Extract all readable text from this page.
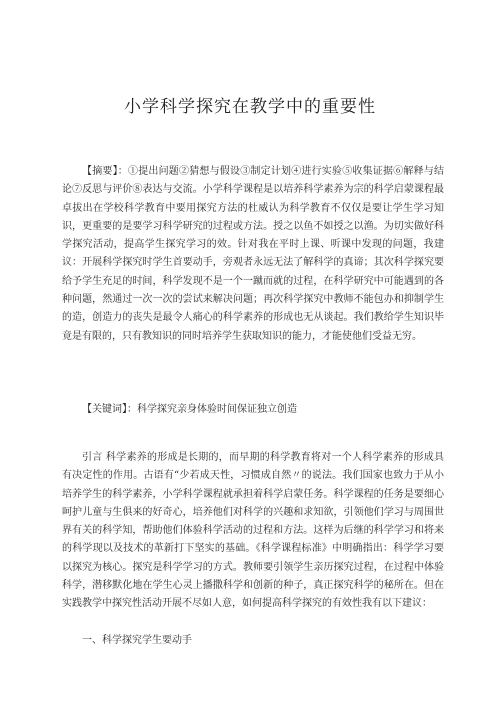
小学科学探究在教学中的重要性

【摘要】：①提出问题②猜想与假设③制定计划④进行实验⑤收集证据⑥解释与结论⑦反思与评价⑧表达与交流。小学科学课程是以培养科学素养为宗的科学启蒙课程最卓拔出在学校科学教育中要用探究方法的杜威认为科学教育不仅仅是要让学生学习知识，更重要的是要学习科学研究的过程或方法。授之以鱼不如授之以渔。为切实做好科学探究活动，提高学生探究学习的效。针对我在平时上课、听课中发现的问题，我建议：开展科学探究时学生首要动手，旁观者永远无法了解科学的真谛；其次科学探究要给予学生充足的时间，科学发现不是一个一蹴而就的过程，在科学研究中可能遇到的各种问题，然通过一次一次的尝试来解决问题；再次科学探究中教师不能包办和抑制学生的造，创造力的丧失是最令人痛心的科学素养的形成也无从谈起。我们教给学生知识毕竟是有限的，只有教知识的同时培养学生获取知识的能力，才能使他们受益无穷。

【关键词】：科学探究亲身体验时间保证独立创造

引言 科学素养的形成是长期的，而早期的科学教育将对一个人科学素养的形成具有决定性的作用。古语有“少若成天性，习惯成自然〃的说法。我们国家也致力于从小培养学生的科学素养，小学科学课程就承担着科学启蒙任务。科学课程的任务是要细心呵护儿童与生俱来的好奇心，培养他们对科学的兴趣和求知欲，引领他们学习与周围世界有关的科学知，帮助他们体验科学活动的过程和方法。这样为后继的科学学习和将来的科学现以及技术的革新打下坚实的基础。《科学课程标准》中明确指出：科学学习要以探究为核心。探究是科学学习的方式。教师要引领学生亲历探究过程，在过程中体验科学，潜移默化地在学生心灵上播撒科学和创新的种子，真正探究科学的秘所在。但在实践教学中探究性活动开展不尽如人意，如何提高科学探究的有效性我有以下建议：

一、科学探究学生要动手
